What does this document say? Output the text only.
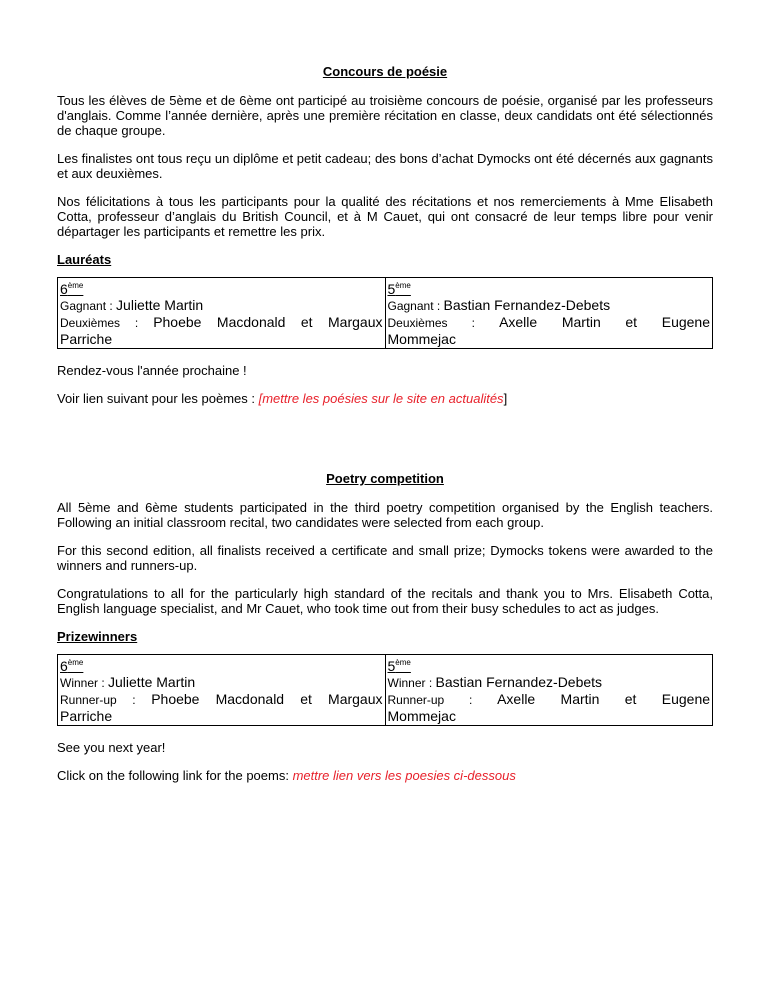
Concours de poésie

Tous les élèves de 5ème et de 6ème ont participé au troisième concours de poésie, organisé par les professeurs d'anglais. Comme l’année dernière, après une première récitation en classe, deux candidats ont été sélectionnés de chaque groupe.

Les finalistes ont tous reçu un diplôme et petit cadeau; des bons d’achat Dymocks ont été décernés aux gagnants et aux deuxièmes.

Nos félicitations à tous les participants pour la qualité des récitations et nos remerciements à Mme Elisabeth Cotta, professeur d’anglais du British Council, et à M Cauet, qui ont consacré de leur temps libre pour venir départager les participants et remettre les prix.

Lauréats
6ème
Gagnant : Juliette Martin
Deuxièmes : Phoebe Macdonald et Margaux
Parriche

5ème
Gagnant : Bastian Fernandez-Debets
Deuxièmes : Axelle Martin et Eugene
Mommejac

Rendez-vous l'année prochaine !

Voir lien suivant pour les poèmes : [mettre les poésies sur le site en actualités]

Poetry competition

All 5ème and 6ème students participated in the third poetry competition organised by the English teachers. Following an initial classroom recital, two candidates were selected from each group.

For this second edition, all finalists received a certificate and small prize; Dymocks tokens were awarded to the winners and runners-up.

Congratulations to all for the particularly high standard of the recitals and thank you to Mrs. Elisabeth Cotta, English language specialist, and Mr Cauet, who took time out from their busy schedules to act as judges.

Prizewinners
6ème
Winner : Juliette Martin
Runner-up : Phoebe Macdonald et Margaux
Parriche

5ème
Winner : Bastian Fernandez-Debets
Runner-up : Axelle Martin et Eugene
Mommejac

See you next year!

Click on the following link for the poems: mettre lien vers les poesies ci-dessous
